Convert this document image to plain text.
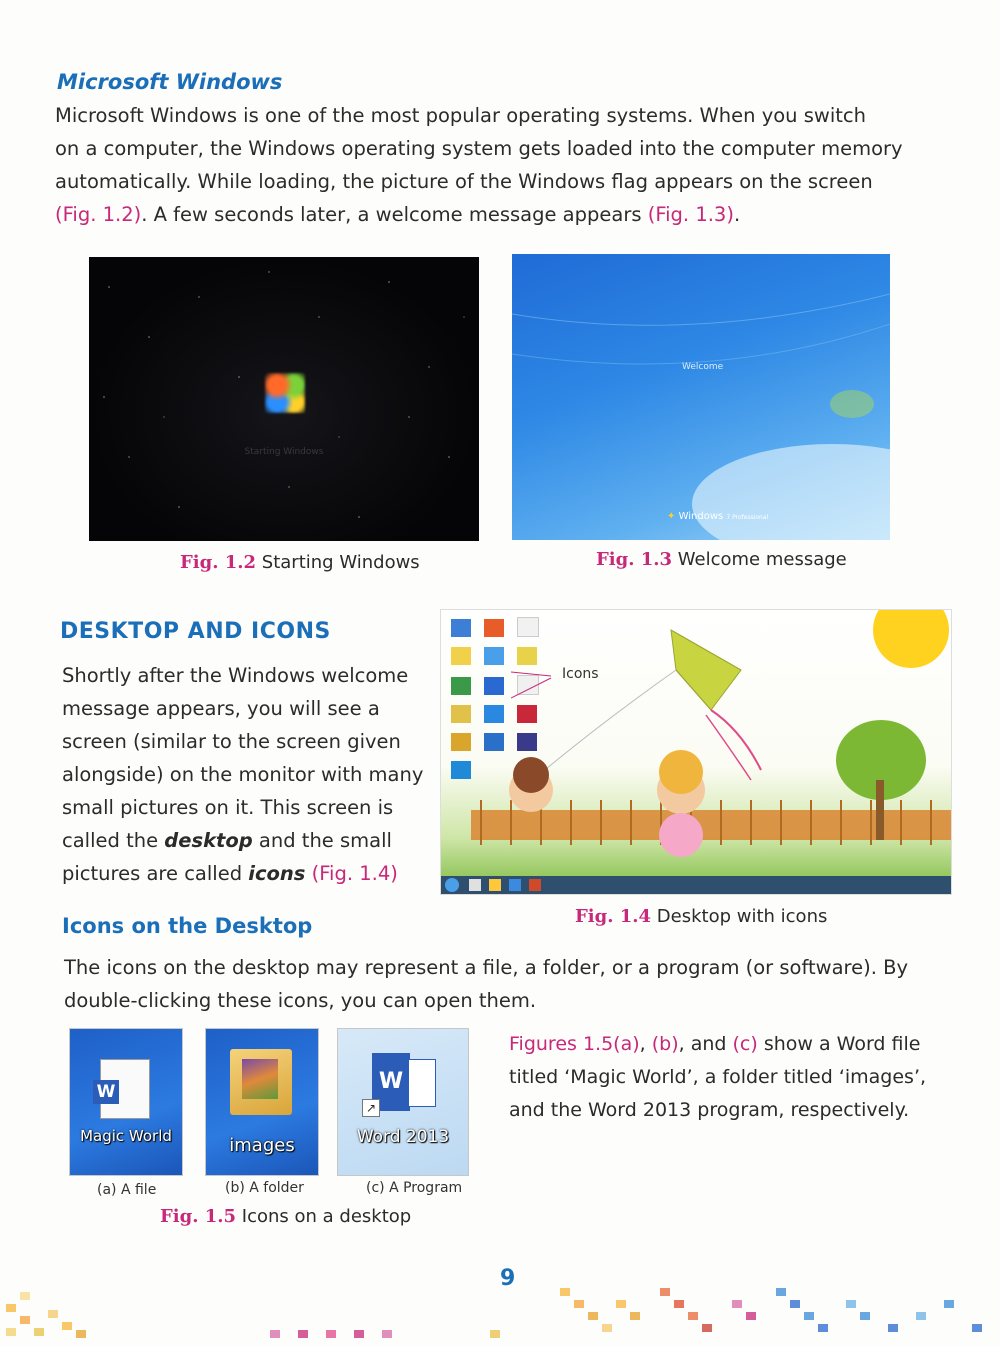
Microsoft Windows
Microsoft Windows is one of the most popular operating systems. When you switch
on a computer, the Windows operating system gets loaded into the computer memory
automatically. While loading, the picture of the Windows flag appears on the screen
(Fig. 1.2). A few seconds later, a welcome message appears (Fig. 1.3).
Starting Windows
Fig. 1.2 Starting Windows
Welcome
✦ Windows 7 Professional
Fig. 1.3 Welcome message
DESKTOP AND ICONS
Shortly after the Windows welcome
message appears, you will see a
screen (similar to the screen given
alongside) on the monitor with many
small pictures on it. This screen is
called the desktop and the small
pictures are called icons (Fig. 1.4)

Icons
Fig. 1.4 Desktop with icons
Icons on the Desktop
The icons on the desktop may represent a file, a folder, or a program (or software). By
double-clicking these icons, you can open them.
W
Magic World	images
W
↗
Word 2013
(a) A file	(b) A folder	(c) A Program
Fig. 1.5 Icons on a desktop
Figures 1.5(a), (b), and (c) show a Word file
titled ‘Magic World’, a folder titled ‘images’,
and the Word 2013 program, respectively.
9
